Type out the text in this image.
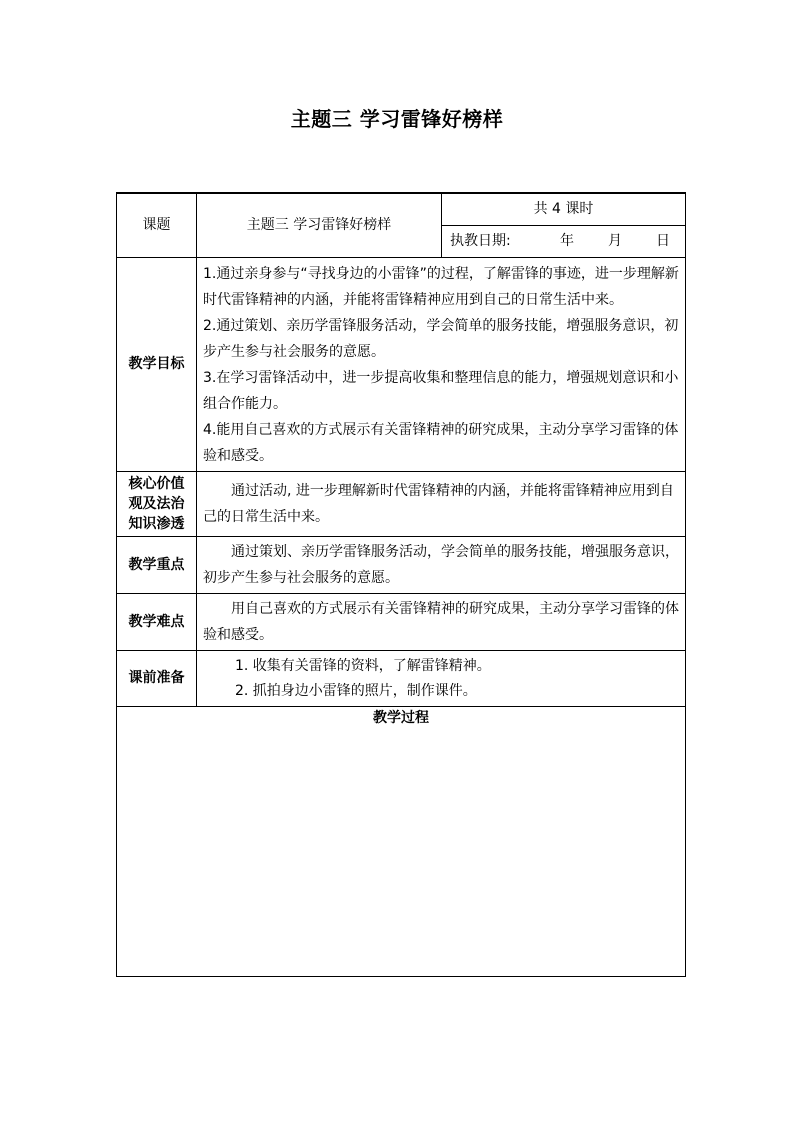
主题三 学习雷锋好榜样
课题	主题三 学习雷锋好榜样	共 4 课时
		执教日期: 年 月 日
教学目标	1.通过亲身参与“寻找身边的小雷锋”的过程，了解雷锋的事迹，进一步理解新时代雷锋精神的内涵，并能将雷锋精神应用到自己的日常生活中来。

2.通过策划、亲历学雷锋服务活动，学会简单的服务技能，增强服务意识，初步产生参与社会服务的意愿。

3.在学习雷锋活动中，进一步提高收集和整理信息的能力，增强规划意识和小组合作能力。

4.能用自己喜欢的方式展示有关雷锋精神的研究成果，主动分享学习雷锋的体验和感受。	

核心价值
观及法治
知识渗透	通过活动, 进一步理解新时代雷锋精神的内涵，并能将雷锋精神应用到自己的日常生活中来。	

教学重点	通过策划、亲历学雷锋服务活动，学会简单的服务技能，增强服务意识，初步产生参与社会服务的意愿。	

教学难点	用自己喜欢的方式展示有关雷锋精神的研究成果，主动分享学习雷锋的体验和感受。	

课前准备	1. 收集有关雷锋的资料，了解雷锋精神。

2. 抓拍身边小雷锋的照片，制作课件。	

教学过程		
